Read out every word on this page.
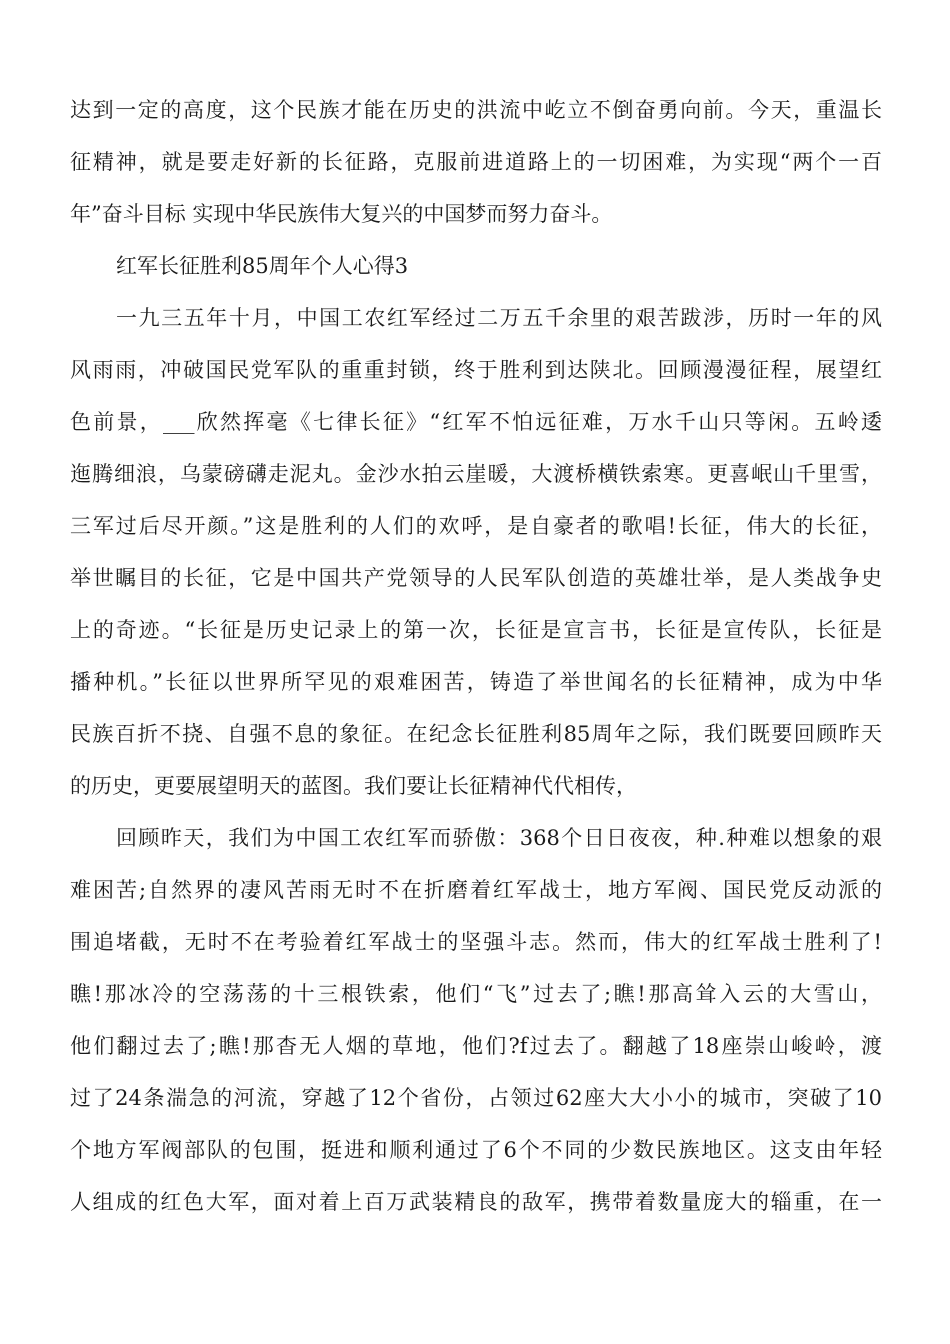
达到一定的高度，这个民族才能在历史的洪流中屹立不倒奋勇向前。今天，重温长
征精神，就是要走好新的长征路，克服前进道路上的一切困难，为实现“两个一百
年”奋斗目标 实现中华民族伟大复兴的中国梦而努力奋斗。
红军长征胜利85周年个人心得3
一九三五年十月，中国工农红军经过二万五千余里的艰苦跋涉，历时一年的风
风雨雨，冲破国民党军队的重重封锁，终于胜利到达陕北。回顾漫漫征程，展望红
色前景，___欣然挥毫《七律长征》“红军不怕远征难，万水千山只等闲。五岭逶
迤腾细浪，乌蒙磅礴走泥丸。金沙水拍云崖暖，大渡桥横铁索寒。更喜岷山千里雪，
三军过后尽开颜。”这是胜利的人们的欢呼，是自豪者的歌唱!长征，伟大的长征，
举世瞩目的长征，它是中国共产党领导的人民军队创造的英雄壮举，是人类战争史
上的奇迹。“长征是历史记录上的第一次，长征是宣言书，长征是宣传队，长征是
播种机。”长征以世界所罕见的艰难困苦，铸造了举世闻名的长征精神，成为中华
民族百折不挠、自强不息的象征。在纪念长征胜利85周年之际，我们既要回顾昨天
的历史，更要展望明天的蓝图。我们要让长征精神代代相传，
回顾昨天，我们为中国工农红军而骄傲：368个日日夜夜，种.种难以想象的艰
难困苦;自然界的凄风苦雨无时不在折磨着红军战士，地方军阀、国民党反动派的
围追堵截，无时不在考验着红军战士的坚强斗志。然而，伟大的红军战士胜利了!
瞧!那冰冷的空荡荡的十三根铁索，他们“飞”过去了;瞧!那高耸入云的大雪山，
他们翻过去了;瞧!那杳无人烟的草地，他们?f过去了。翻越了18座崇山峻岭，渡
过了24条湍急的河流，穿越了12个省份，占领过62座大大小小的城市，突破了10
个地方军阀部队的包围，挺进和顺利通过了6个不同的少数民族地区。这支由年轻
人组成的红色大军，面对着上百万武装精良的敌军，携带着数量庞大的辎重，在一
